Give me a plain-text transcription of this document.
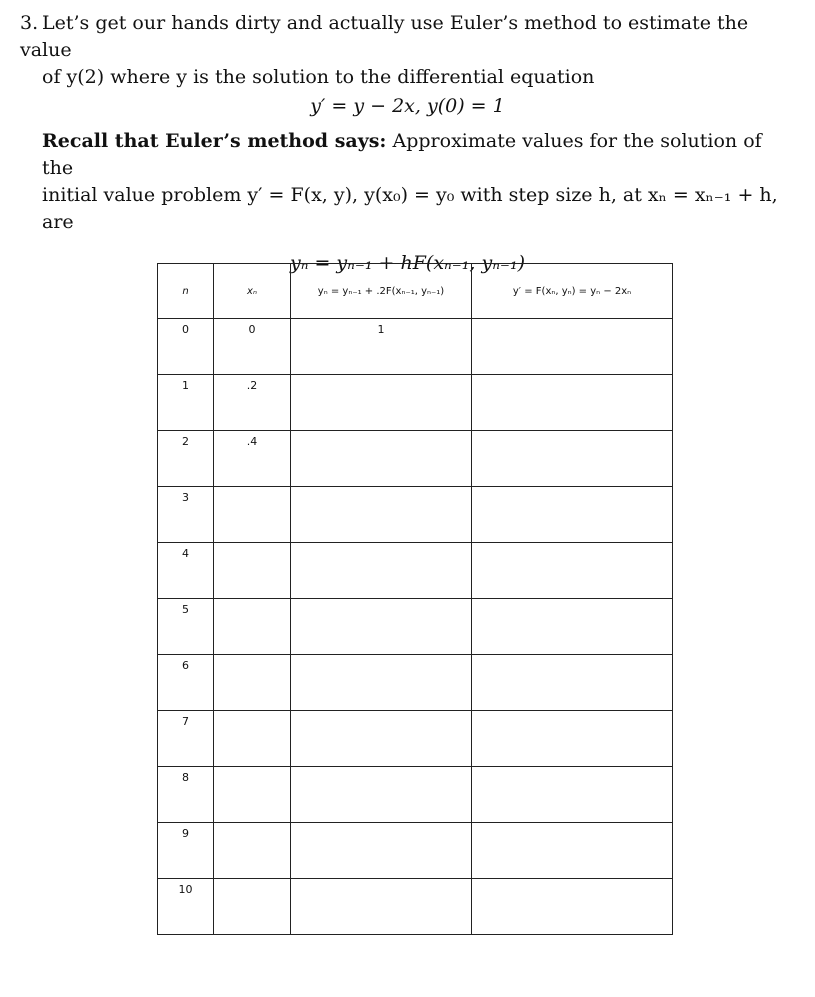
3. Let’s get our hands dirty and actually use Euler’s method to estimate the value

of y(2) where y is the solution to the differential equation

y′ = y − 2x, y(0) = 1

Recall that Euler’s method says: Approximate values for the solution of the

initial value problem y′ = F(x, y), y(x₀) = y₀ with step size h, at xₙ = xₙ₋₁ + h,

are

yₙ = yₙ₋₁ + hF(xₙ₋₁, yₙ₋₁)

n	xₙ	yₙ = yₙ₋₁ + .2F(xₙ₋₁, yₙ₋₁)	y′ = F(xₙ, yₙ) = yₙ − 2xₙ

0	0	1	

1	.2		

2	.4		

3			

4			

5			

6			

7			

8			

9			

10			
